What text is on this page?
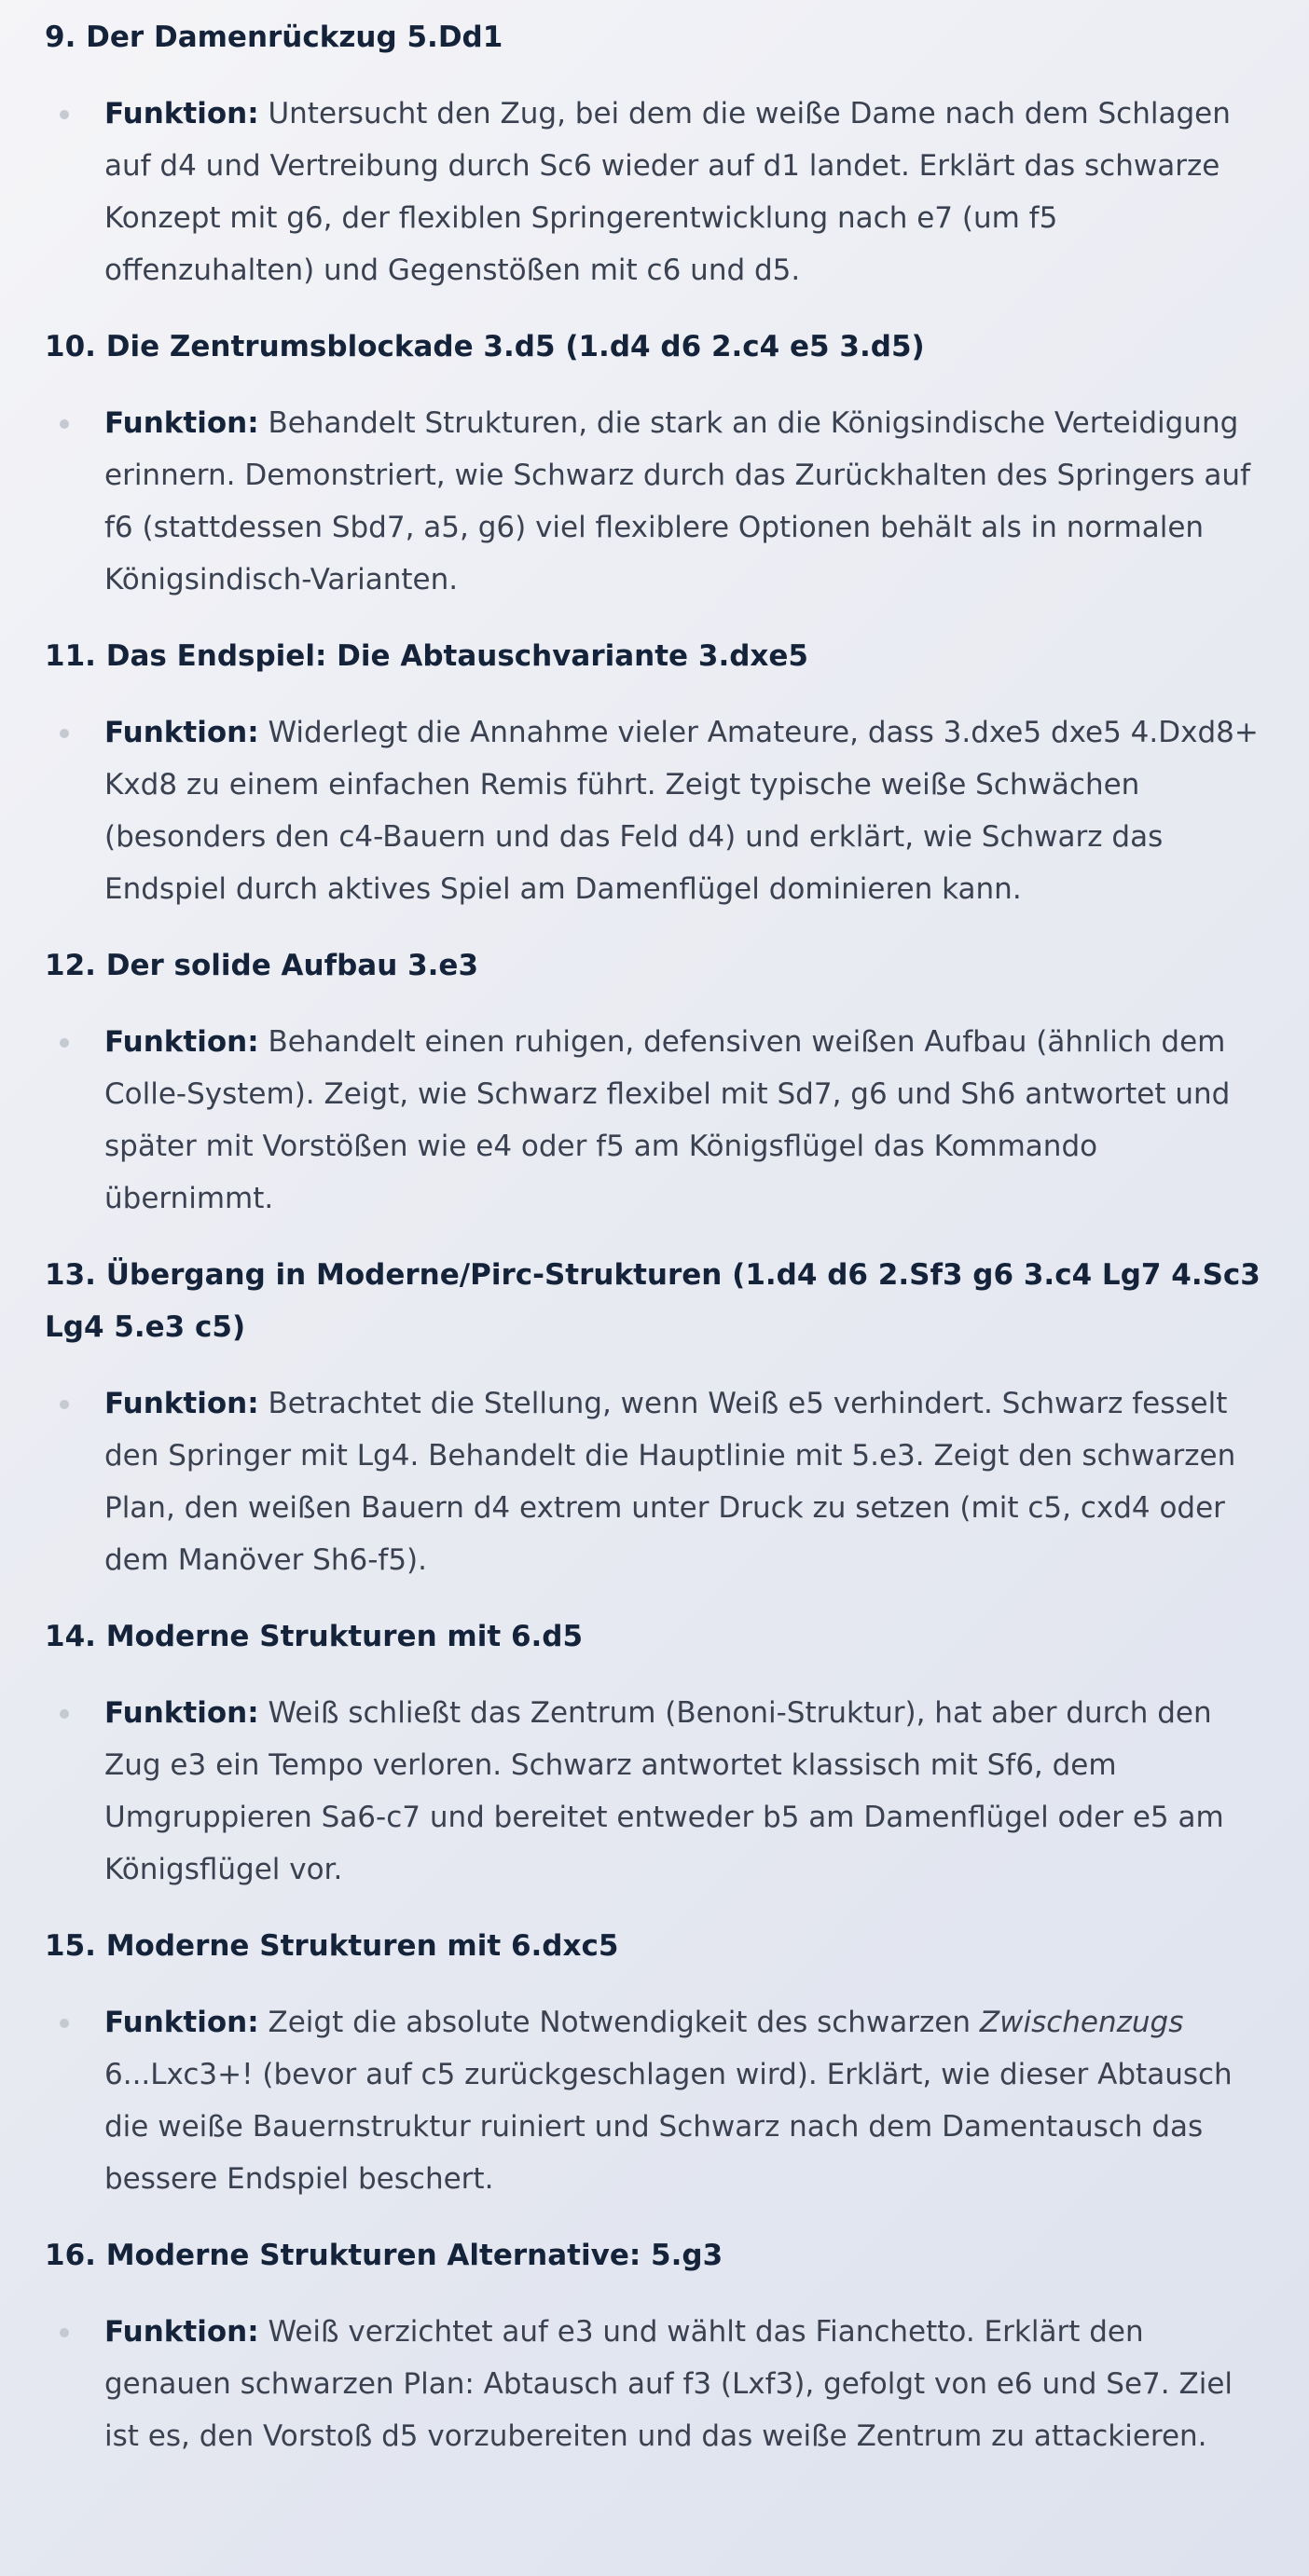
9. Der Damenrückzug 5.Dd1
Funktion: Untersucht den Zug, bei dem die weiße Dame nach dem Schlagen auf d4 und Vertreibung durch Sc6 wieder auf d1 landet. Erklärt das schwarze Konzept mit g6, der flexiblen Springerentwicklung nach e7 (um f5 offenzuhalten) und Gegenstößen mit c6 und d5.
10. Die Zentrumsblockade 3.d5 (1.d4 d6 2.c4 e5 3.d5)
Funktion: Behandelt Strukturen, die stark an die Königsindische Verteidigung erinnern. Demonstriert, wie Schwarz durch das Zurückhalten des Springers auf f6 (stattdessen Sbd7, a5, g6) viel flexiblere Optionen behält als in normalen Königsindisch-Varianten.
11. Das Endspiel: Die Abtauschvariante 3.dxe5
Funktion: Widerlegt die Annahme vieler Amateure, dass 3.dxe5 dxe5 4.Dxd8+ Kxd8 zu einem einfachen Remis führt. Zeigt typische weiße Schwächen (besonders den c4-Bauern und das Feld d4) und erklärt, wie Schwarz das Endspiel durch aktives Spiel am Damenflügel dominieren kann.
12. Der solide Aufbau 3.e3
Funktion: Behandelt einen ruhigen, defensiven weißen Aufbau (ähnlich dem Colle-System). Zeigt, wie Schwarz flexibel mit Sd7, g6 und Sh6 antwortet und später mit Vorstößen wie e4 oder f5 am Königsflügel das Kommando übernimmt.
13. Übergang in Moderne/Pirc-Strukturen (1.d4 d6 2.Sf3 g6 3.c4 Lg7 4.Sc3 Lg4 5.e3 c5)
Funktion: Betrachtet die Stellung, wenn Weiß e5 verhindert. Schwarz fesselt den Springer mit Lg4. Behandelt die Hauptlinie mit 5.e3. Zeigt den schwarzen Plan, den weißen Bauern d4 extrem unter Druck zu setzen (mit c5, cxd4 oder dem Manöver Sh6-f5).
14. Moderne Strukturen mit 6.d5
Funktion: Weiß schließt das Zentrum (Benoni-Struktur), hat aber durch den Zug e3 ein Tempo verloren. Schwarz antwortet klassisch mit Sf6, dem Umgruppieren Sa6-c7 und bereitet entweder b5 am Damenflügel oder e5 am Königsflügel vor.
15. Moderne Strukturen mit 6.dxc5
Funktion: Zeigt die absolute Notwendigkeit des schwarzen Zwischenzugs 6...Lxc3+! (bevor auf c5 zurückgeschlagen wird). Erklärt, wie dieser Abtausch die weiße Bauernstruktur ruiniert und Schwarz nach dem Damentausch das bessere Endspiel beschert.
16. Moderne Strukturen Alternative: 5.g3
Funktion: Weiß verzichtet auf e3 und wählt das Fianchetto. Erklärt den genauen schwarzen Plan: Abtausch auf f3 (Lxf3), gefolgt von e6 und Se7. Ziel ist es, den Vorstoß d5 vorzubereiten und das weiße Zentrum zu attackieren.
